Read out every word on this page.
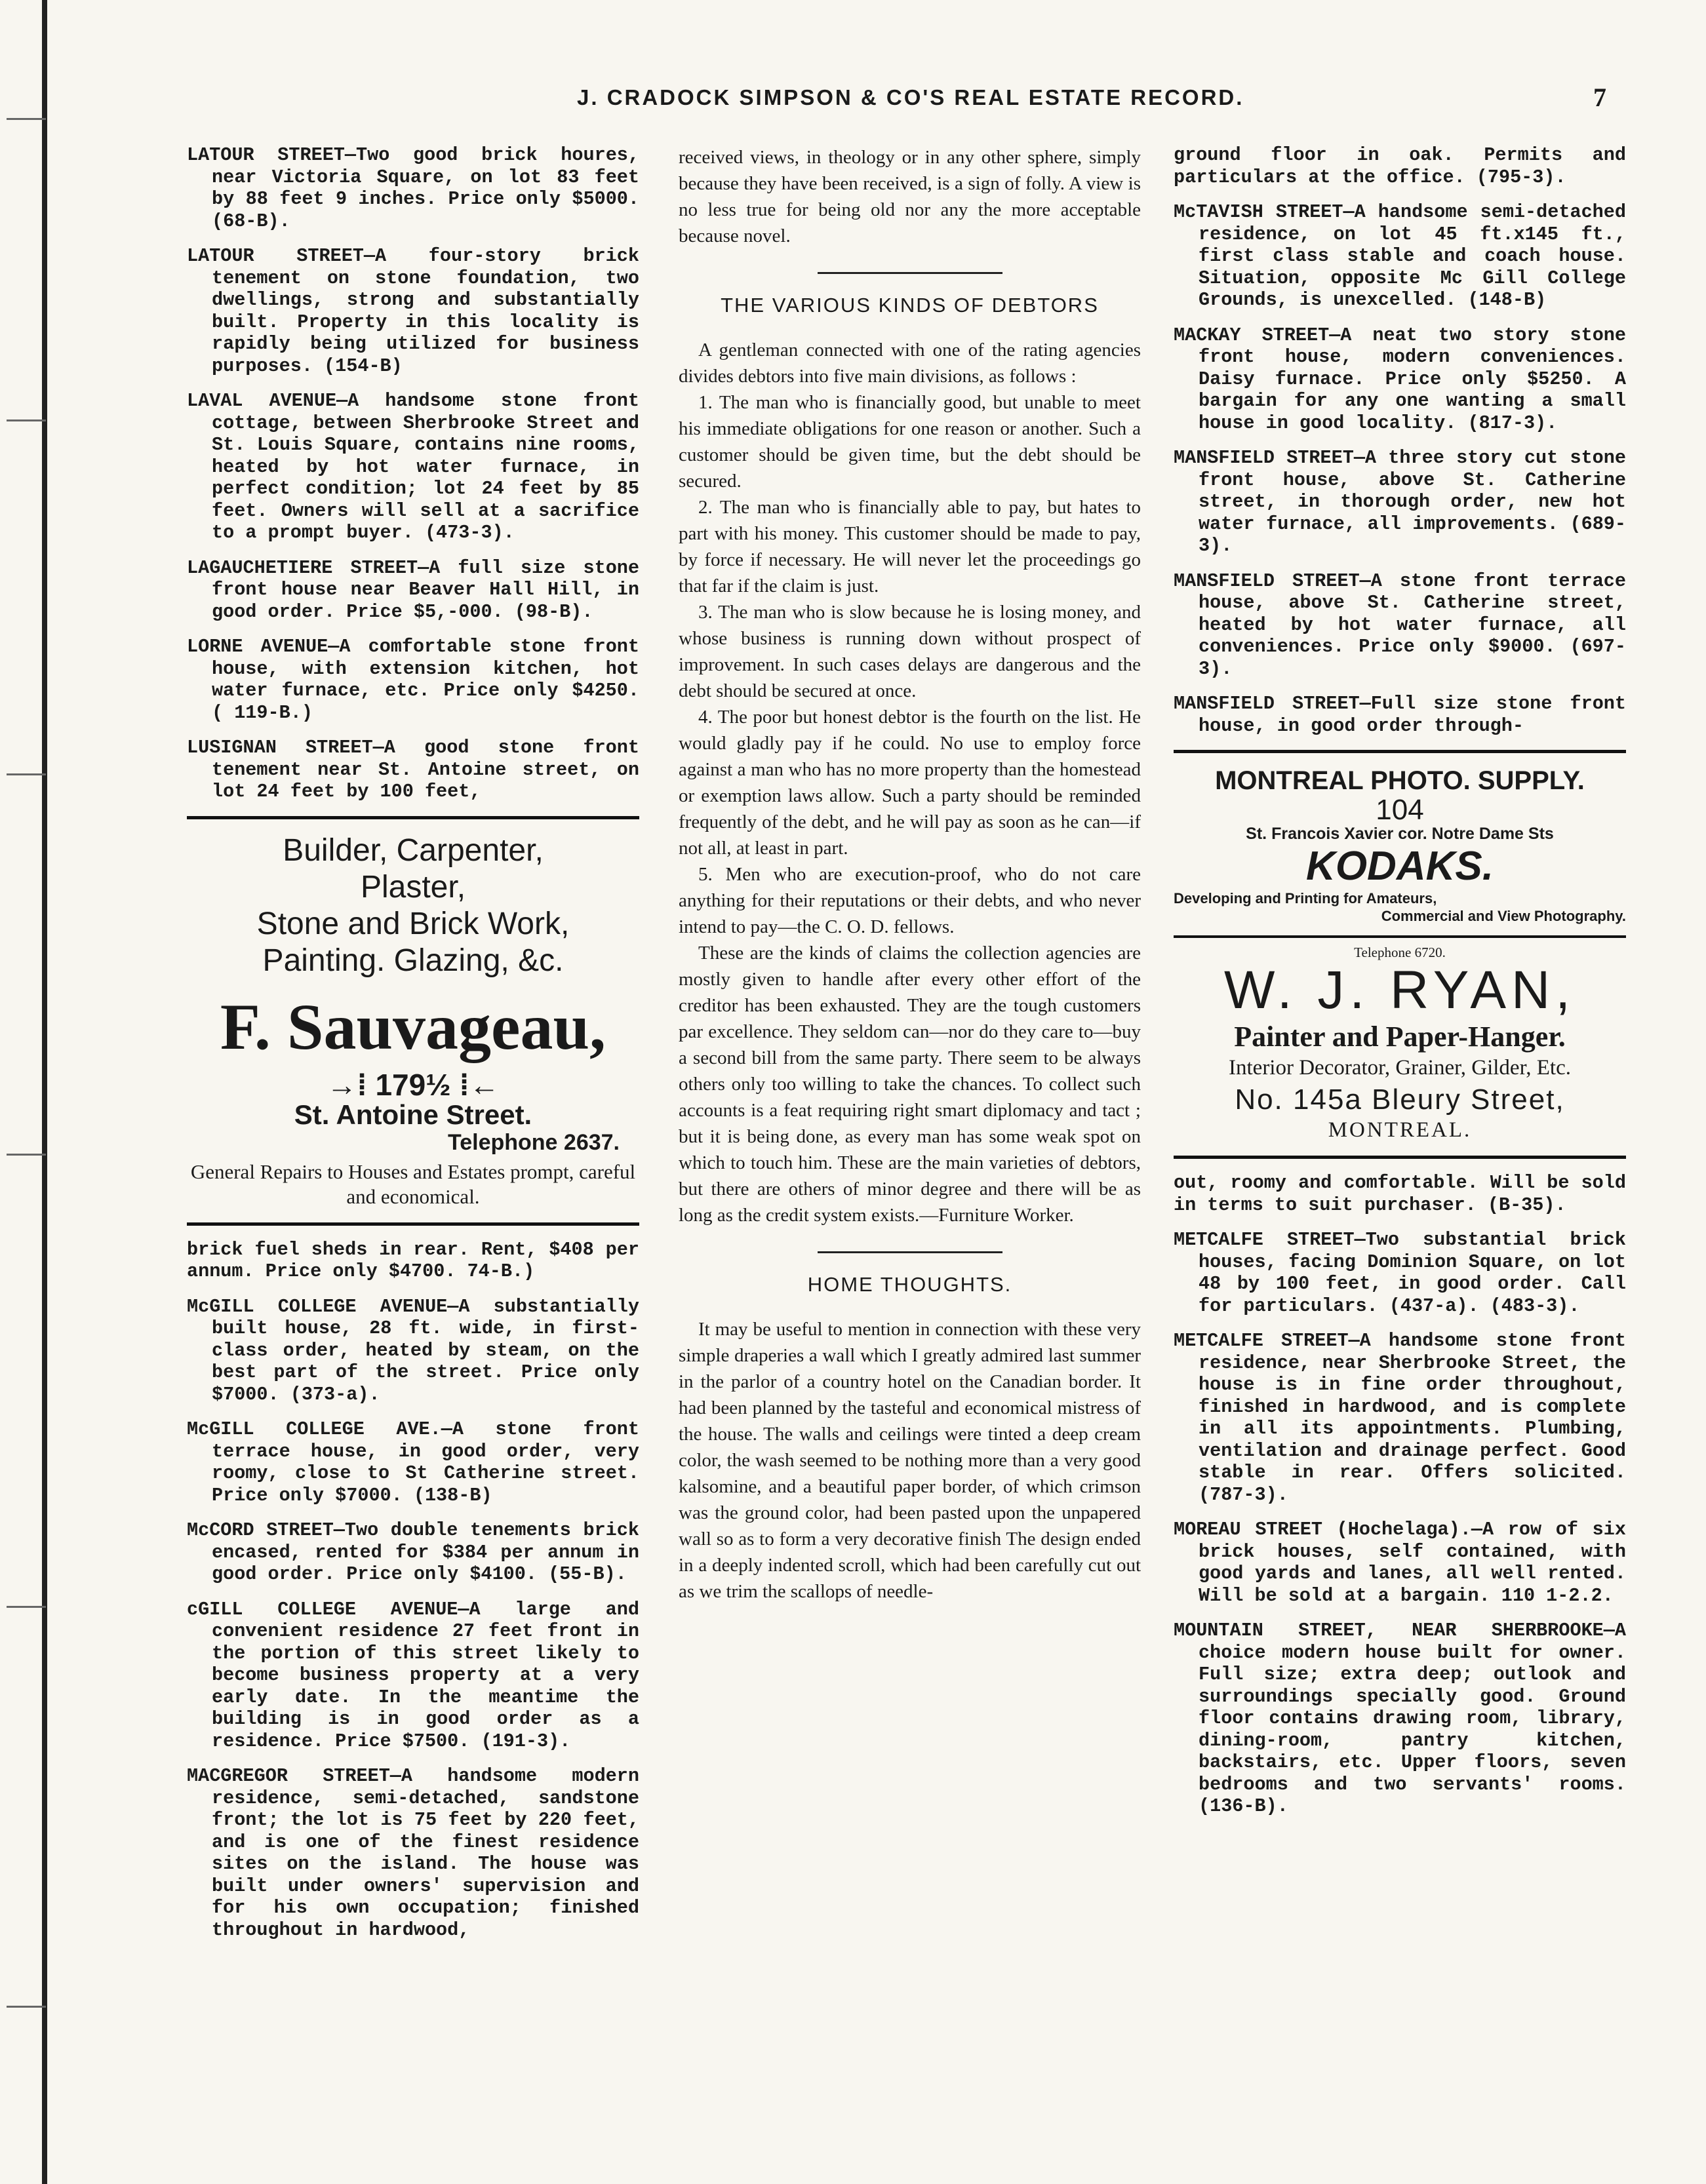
J. CRADOCK SIMPSON & CO'S REAL ESTATE RECORD.	7

LATOUR STREET—Two good brick houres, near Victoria Square, on lot 83 feet by 88 feet 9 inches. Price only $5000. (68-B).

LATOUR STREET—A four-story brick tenement on stone foundation, two dwellings, strong and substantially built. Property in this locality is rapidly being utilized for business purposes. (154-B)

LAVAL AVENUE—A handsome stone front cottage, between Sherbrooke Street and St. Louis Square, contains nine rooms, heated by hot water furnace, in perfect condition; lot 24 feet by 85 feet. Owners will sell at a sacrifice to a prompt buyer. (473-3).

LAGAUCHETIERE STREET—A full size stone front house near Beaver Hall Hill, in good order. Price $5,-000. (98-B).

LORNE AVENUE—A comfortable stone front house, with extension kitchen, hot water furnace, etc. Price only $4250. ( 119-B.)

LUSIGNAN STREET—A good stone front tenement near St. Antoine street, on lot 24 feet by 100 feet,

Builder, Carpenter,
Plaster,
Stone and Brick Work,
Painting. Glazing, &c.
F. Sauvageau,
→⁞ 179½ ⁞←
St. Antoine Street.
Telephone 2637.
General Repairs to Houses and Estates prompt, careful and economical.

brick fuel sheds in rear. Rent, $408 per annum. Price only $4700. 74-B.)

McGILL COLLEGE AVENUE—A substantially built house, 28 ft. wide, in first-class order, heated by steam, on the best part of the street. Price only $7000. (373-a).

McGILL COLLEGE AVE.—A stone front terrace house, in good order, very roomy, close to St Catherine street. Price only $7000. (138-B)

McCORD STREET—Two double tenements brick encased, rented for $384 per annum in good order. Price only $4100. (55-B).

cGILL COLLEGE AVENUE—A large and convenient residence 27 feet front in the portion of this street likely to become business property at a very early date. In the meantime the building is in good order as a residence. Price $7500. (191-3).

MACGREGOR STREET—A handsome modern residence, semi-detached, sandstone front; the lot is 75 feet by 220 feet, and is one of the finest residence sites on the island. The house was built under owners' supervision and for his own occupation; finished throughout in hardwood,

received views, in theology or in any other sphere, simply because they have been received, is a sign of folly. A view is no less true for being old nor any the more acceptable because novel.

THE VARIOUS KINDS OF DEBTORS

A gentleman connected with one of the rating agencies divides debtors into five main divisions, as follows :

1. The man who is financially good, but unable to meet his immediate obligations for one reason or another. Such a customer should be given time, but the debt should be secured.

2. The man who is financially able to pay, but hates to part with his money. This customer should be made to pay, by force if necessary. He will never let the proceedings go that far if the claim is just.

3. The man who is slow because he is losing money, and whose business is running down without prospect of improvement. In such cases delays are dangerous and the debt should be secured at once.

4. The poor but honest debtor is the fourth on the list. He would gladly pay if he could. No use to employ force against a man who has no more property than the homestead or exemption laws allow. Such a party should be reminded frequently of the debt, and he will pay as soon as he can—if not all, at least in part.

5. Men who are execution-proof, who do not care anything for their reputations or their debts, and who never intend to pay—the C. O. D. fellows.

These are the kinds of claims the collection agencies are mostly given to handle after every other effort of the creditor has been exhausted. They are the tough customers par excellence. They seldom can—nor do they care to—buy a second bill from the same party. There seem to be always others only too willing to take the chances. To collect such accounts is a feat requiring right smart diplomacy and tact ; but it is being done, as every man has some weak spot on which to touch him. These are the main varieties of debtors, but there are others of minor degree and there will be as long as the credit system exists.—Furniture Worker.

HOME THOUGHTS.

It may be useful to mention in connection with these very simple draperies a wall which I greatly admired last summer in the parlor of a country hotel on the Canadian border. It had been planned by the tasteful and economical mistress of the house. The walls and ceilings were tinted a deep cream color, the wash seemed to be nothing more than a very good kalsomine, and a beautiful paper border, of which crimson was the ground color, had been pasted upon the unpapered wall so as to form a very decorative finish The design ended in a deeply indented scroll, which had been carefully cut out as we trim the scallops of needle-

ground floor in oak. Permits and particulars at the office. (795-3).

McTAVISH STREET—A handsome semi-detached residence, on lot 45 ft.x145 ft., first class stable and coach house. Situation, opposite Mc Gill College Grounds, is unexcelled. (148-B)

MACKAY STREET—A neat two story stone front house, modern conveniences. Daisy furnace. Price only $5250. A bargain for any one wanting a small house in good locality. (817-3).

MANSFIELD STREET—A three story cut stone front house, above St. Catherine street, in thorough order, new hot water furnace, all improvements. (689-3).

MANSFIELD STREET—A stone front terrace house, above St. Catherine street, heated by hot water furnace, all conveniences. Price only $9000. (697-3).

MANSFIELD STREET—Full size stone front house, in good order through-

MONTREAL PHOTO. SUPPLY.
104
St. Francois Xavier cor. Notre Dame Sts
KODAKS.
Developing and Printing for Amateurs,
Commercial and View Photography.
Telephone 6720.
W. J. RYAN,
Painter and Paper-Hanger.
Interior Decorator, Grainer, Gilder, Etc.
No. 145a Bleury Street,
MONTREAL.

out, roomy and comfortable. Will be sold in terms to suit purchaser. (B-35).

METCALFE STREET—Two substantial brick houses, facing Dominion Square, on lot 48 by 100 feet, in good order. Call for particulars. (437-a). (483-3).

METCALFE STREET—A handsome stone front residence, near Sherbrooke Street, the house is in fine order throughout, finished in hardwood, and is complete in all its appointments. Plumbing, ventilation and drainage perfect. Good stable in rear. Offers solicited. (787-3).

MOREAU STREET (Hochelaga).—A row of six brick houses, self contained, with good yards and lanes, all well rented. Will be sold at a bargain. 110 1-2.2.

MOUNTAIN STREET, NEAR SHERBROOKE—A choice modern house built for owner. Full size; extra deep; outlook and surroundings specially good. Ground floor contains drawing room, library, dining-room, pantry kitchen, backstairs, etc. Upper floors, seven bedrooms and two servants' rooms. (136-B).
